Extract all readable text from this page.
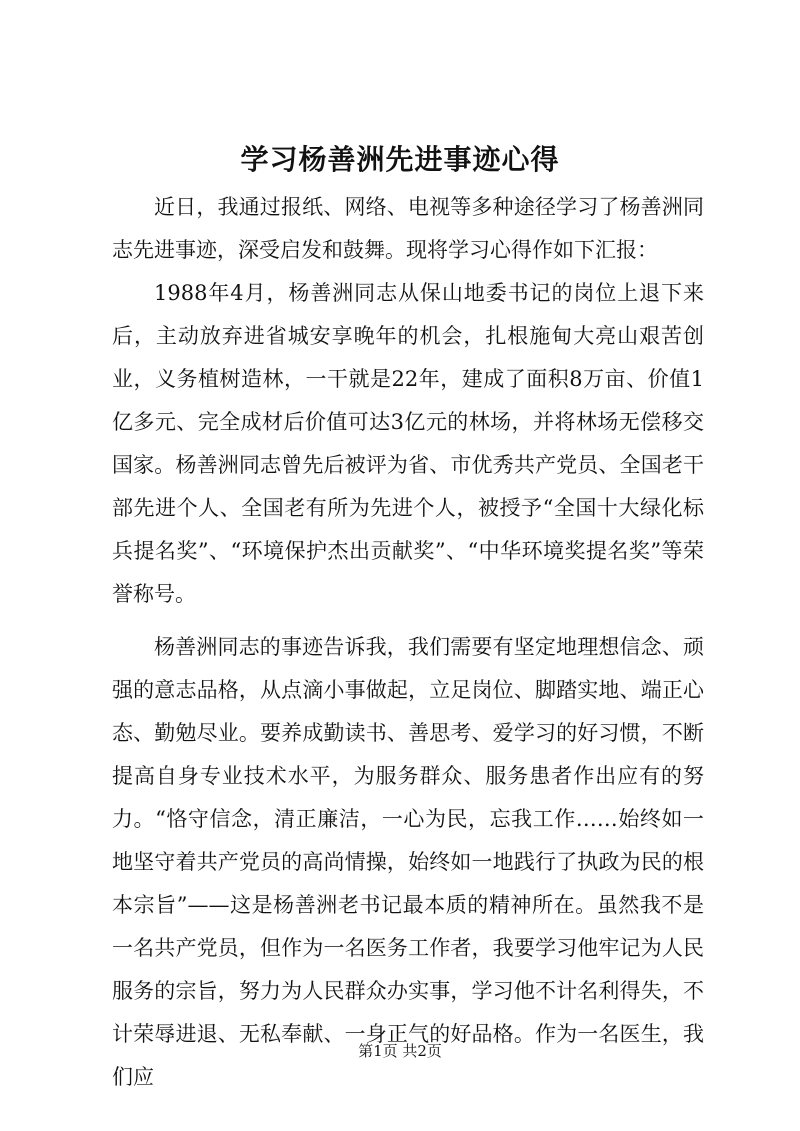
学习杨善洲先进事迹心得

近日，我通过报纸、网络、电视等多种途径学习了杨善洲同志先进事迹，深受启发和鼓舞。现将学习心得作如下汇报：

1988年4月，杨善洲同志从保山地委书记的岗位上退下来后，主动放弃进省城安享晚年的机会，扎根施甸大亮山艰苦创业，义务植树造林，一干就是22年，建成了面积8万亩、价值1亿多元、完全成材后价值可达3亿元的林场，并将林场无偿移交国家。杨善洲同志曾先后被评为省、市优秀共产党员、全国老干部先进个人、全国老有所为先进个人，被授予“全国十大绿化标兵提名奖”、“环境保护杰出贡献奖”、“中华环境奖提名奖”等荣誉称号。

杨善洲同志的事迹告诉我，我们需要有坚定地理想信念、顽强的意志品格，从点滴小事做起，立足岗位、脚踏实地、端正心态、勤勉尽业。要养成勤读书、善思考、爱学习的好习惯，不断提高自身专业技术水平，为服务群众、服务患者作出应有的努力。“恪守信念，清正廉洁，一心为民，忘我工作……始终如一地坚守着共产党员的高尚情操，始终如一地践行了执政为民的根本宗旨”——这是杨善洲老书记最本质的精神所在。虽然我不是一名共产党员，但作为一名医务工作者，我要学习他牢记为人民服务的宗旨，努力为人民群众办实事，学习他不计名利得失，不计荣辱进退、无私奉献、一身正气的好品格。作为一名医生，我们应

第1页 共2页
